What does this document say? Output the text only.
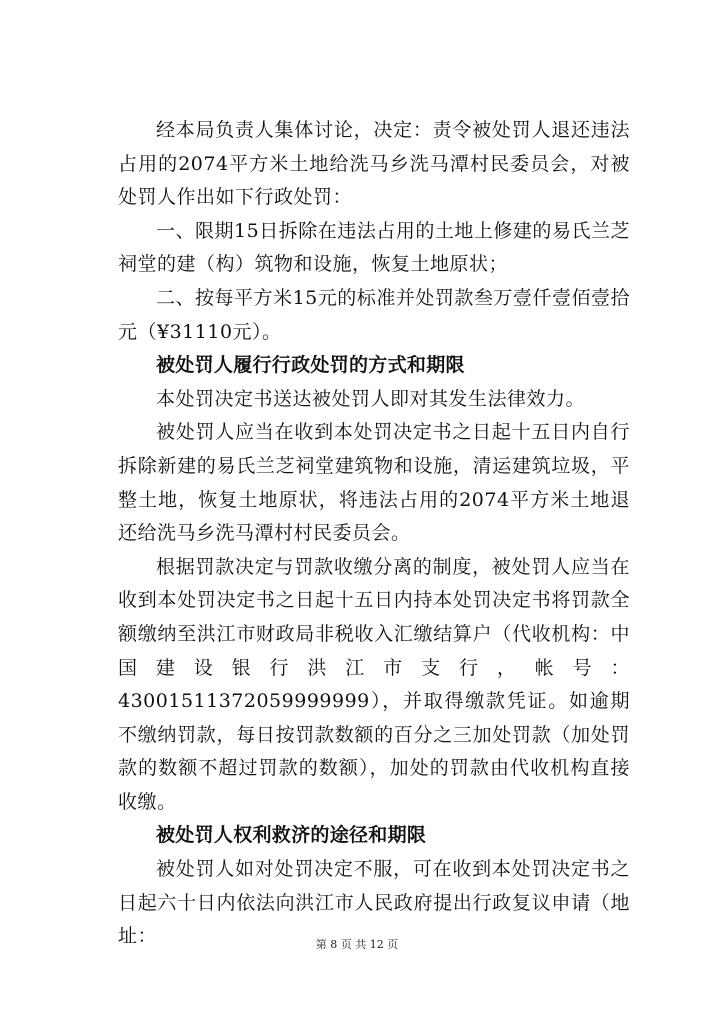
经本局负责人集体讨论，决定：责令被处罚人退还违法占用的2074平方米土地给洗马乡洗马潭村民委员会，对被处罚人作出如下行政处罚：

一、限期15日拆除在违法占用的土地上修建的易氏兰芝祠堂的建（构）筑物和设施，恢复土地原状；

二、按每平方米15元的标准并处罚款叁万壹仟壹佰壹拾元（¥31110元）。

被处罚人履行行政处罚的方式和期限

本处罚决定书送达被处罚人即对其发生法律效力。

被处罚人应当在收到本处罚决定书之日起十五日内自行拆除新建的易氏兰芝祠堂建筑物和设施，清运建筑垃圾，平整土地，恢复土地原状，将违法占用的2074平方米土地退还给洗马乡洗马潭村村民委员会。

根据罚款决定与罚款收缴分离的制度，被处罚人应当在收到本处罚决定书之日起十五日内持本处罚决定书将罚款全额缴纳至洪江市财政局非税收入汇缴结算户（代收机构：中国建设银行洪江市支行，帐号：43001511372059999999），并取得缴款凭证。如逾期不缴纳罚款，每日按罚款数额的百分之三加处罚款（加处罚款的数额不超过罚款的数额），加处的罚款由代收机构直接收缴。

被处罚人权利救济的途径和期限

被处罚人如对处罚决定不服，可在收到本处罚决定书之日起六十日内依法向洪江市人民政府提出行政复议申请（地址：	第 8 页 共 12 页
